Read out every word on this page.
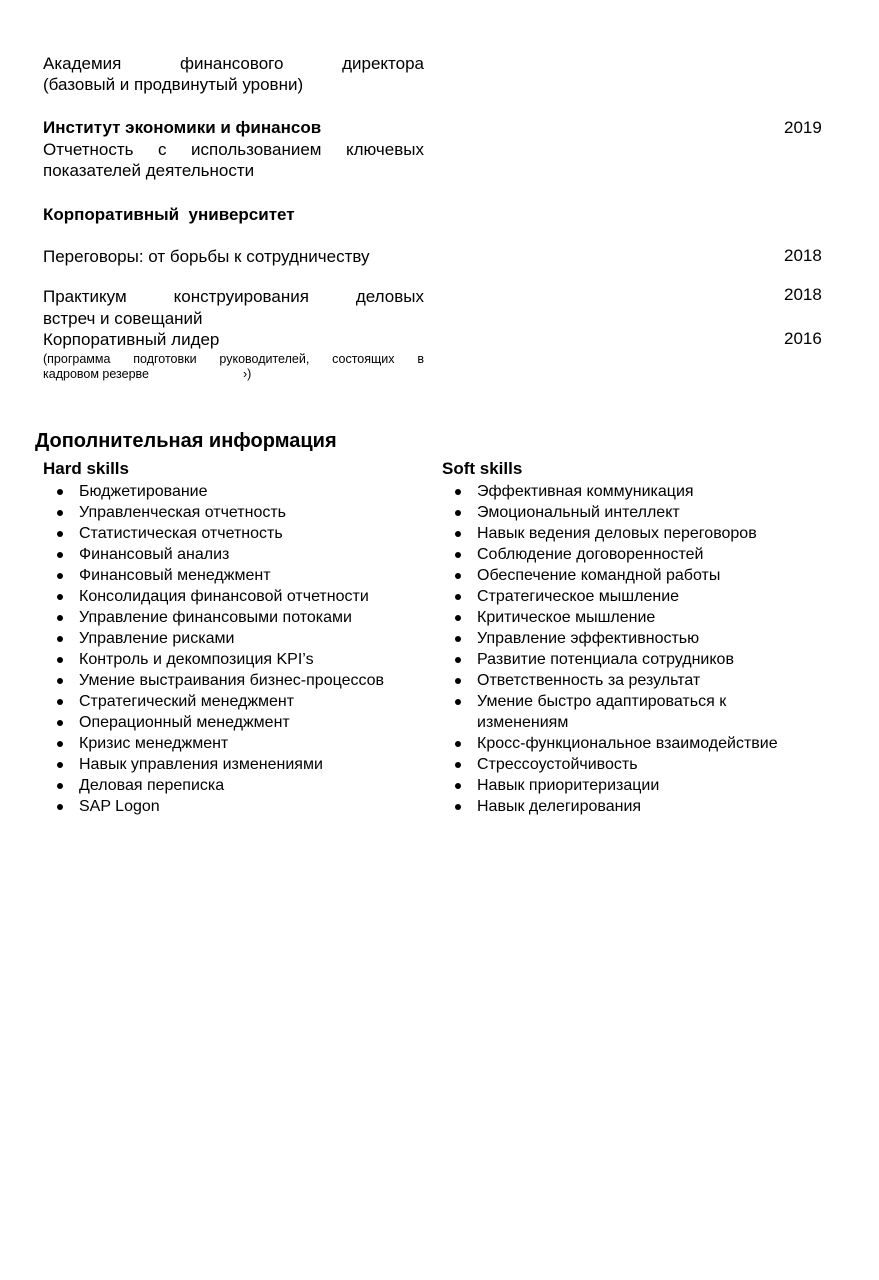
Академия финансового директора
(базовый и продвинутый уровни)
Институт экономики и финансов	2019
Отчетность с использованием ключевых
показателей деятельности
Корпоративный  университет
Переговоры: от борьбы к сотрудничеству	2018
Практикум конструирования деловых
встреч и совещаний
2018
Корпоративный лидер	2016
(программа подготовки руководителей, состоящих в
кадровом резерве	›)
Дополнительная информация
Hard skills
Бюджетирование
Управленческая отчетность
Статистическая отчетность
Финансовый анализ
Финансовый менеджмент
Консолидация финансовой отчетности
Управление финансовыми потоками
Управление рисками
Контроль и декомпозиция KPI’s
Умение выстраивания бизнес-процессов
Стратегический менеджмент
Операционный менеджмент
Кризис менеджмент
Навык управления изменениями
Деловая переписка
SAP Logon
Soft skills
Эффективная коммуникация
Эмоциональный интеллект
Навык ведения деловых переговоров
Соблюдение договоренностей
Обеспечение командной работы
Стратегическое мышление
Критическое мышление
Управление эффективностью
Развитие потенциала сотрудников
Ответственность за результат
Умение быстро адаптироваться к изменениям
Кросс-функциональное взаимодействие
Стрессоустойчивость
Навык приоритеризации
Навык делегирования
